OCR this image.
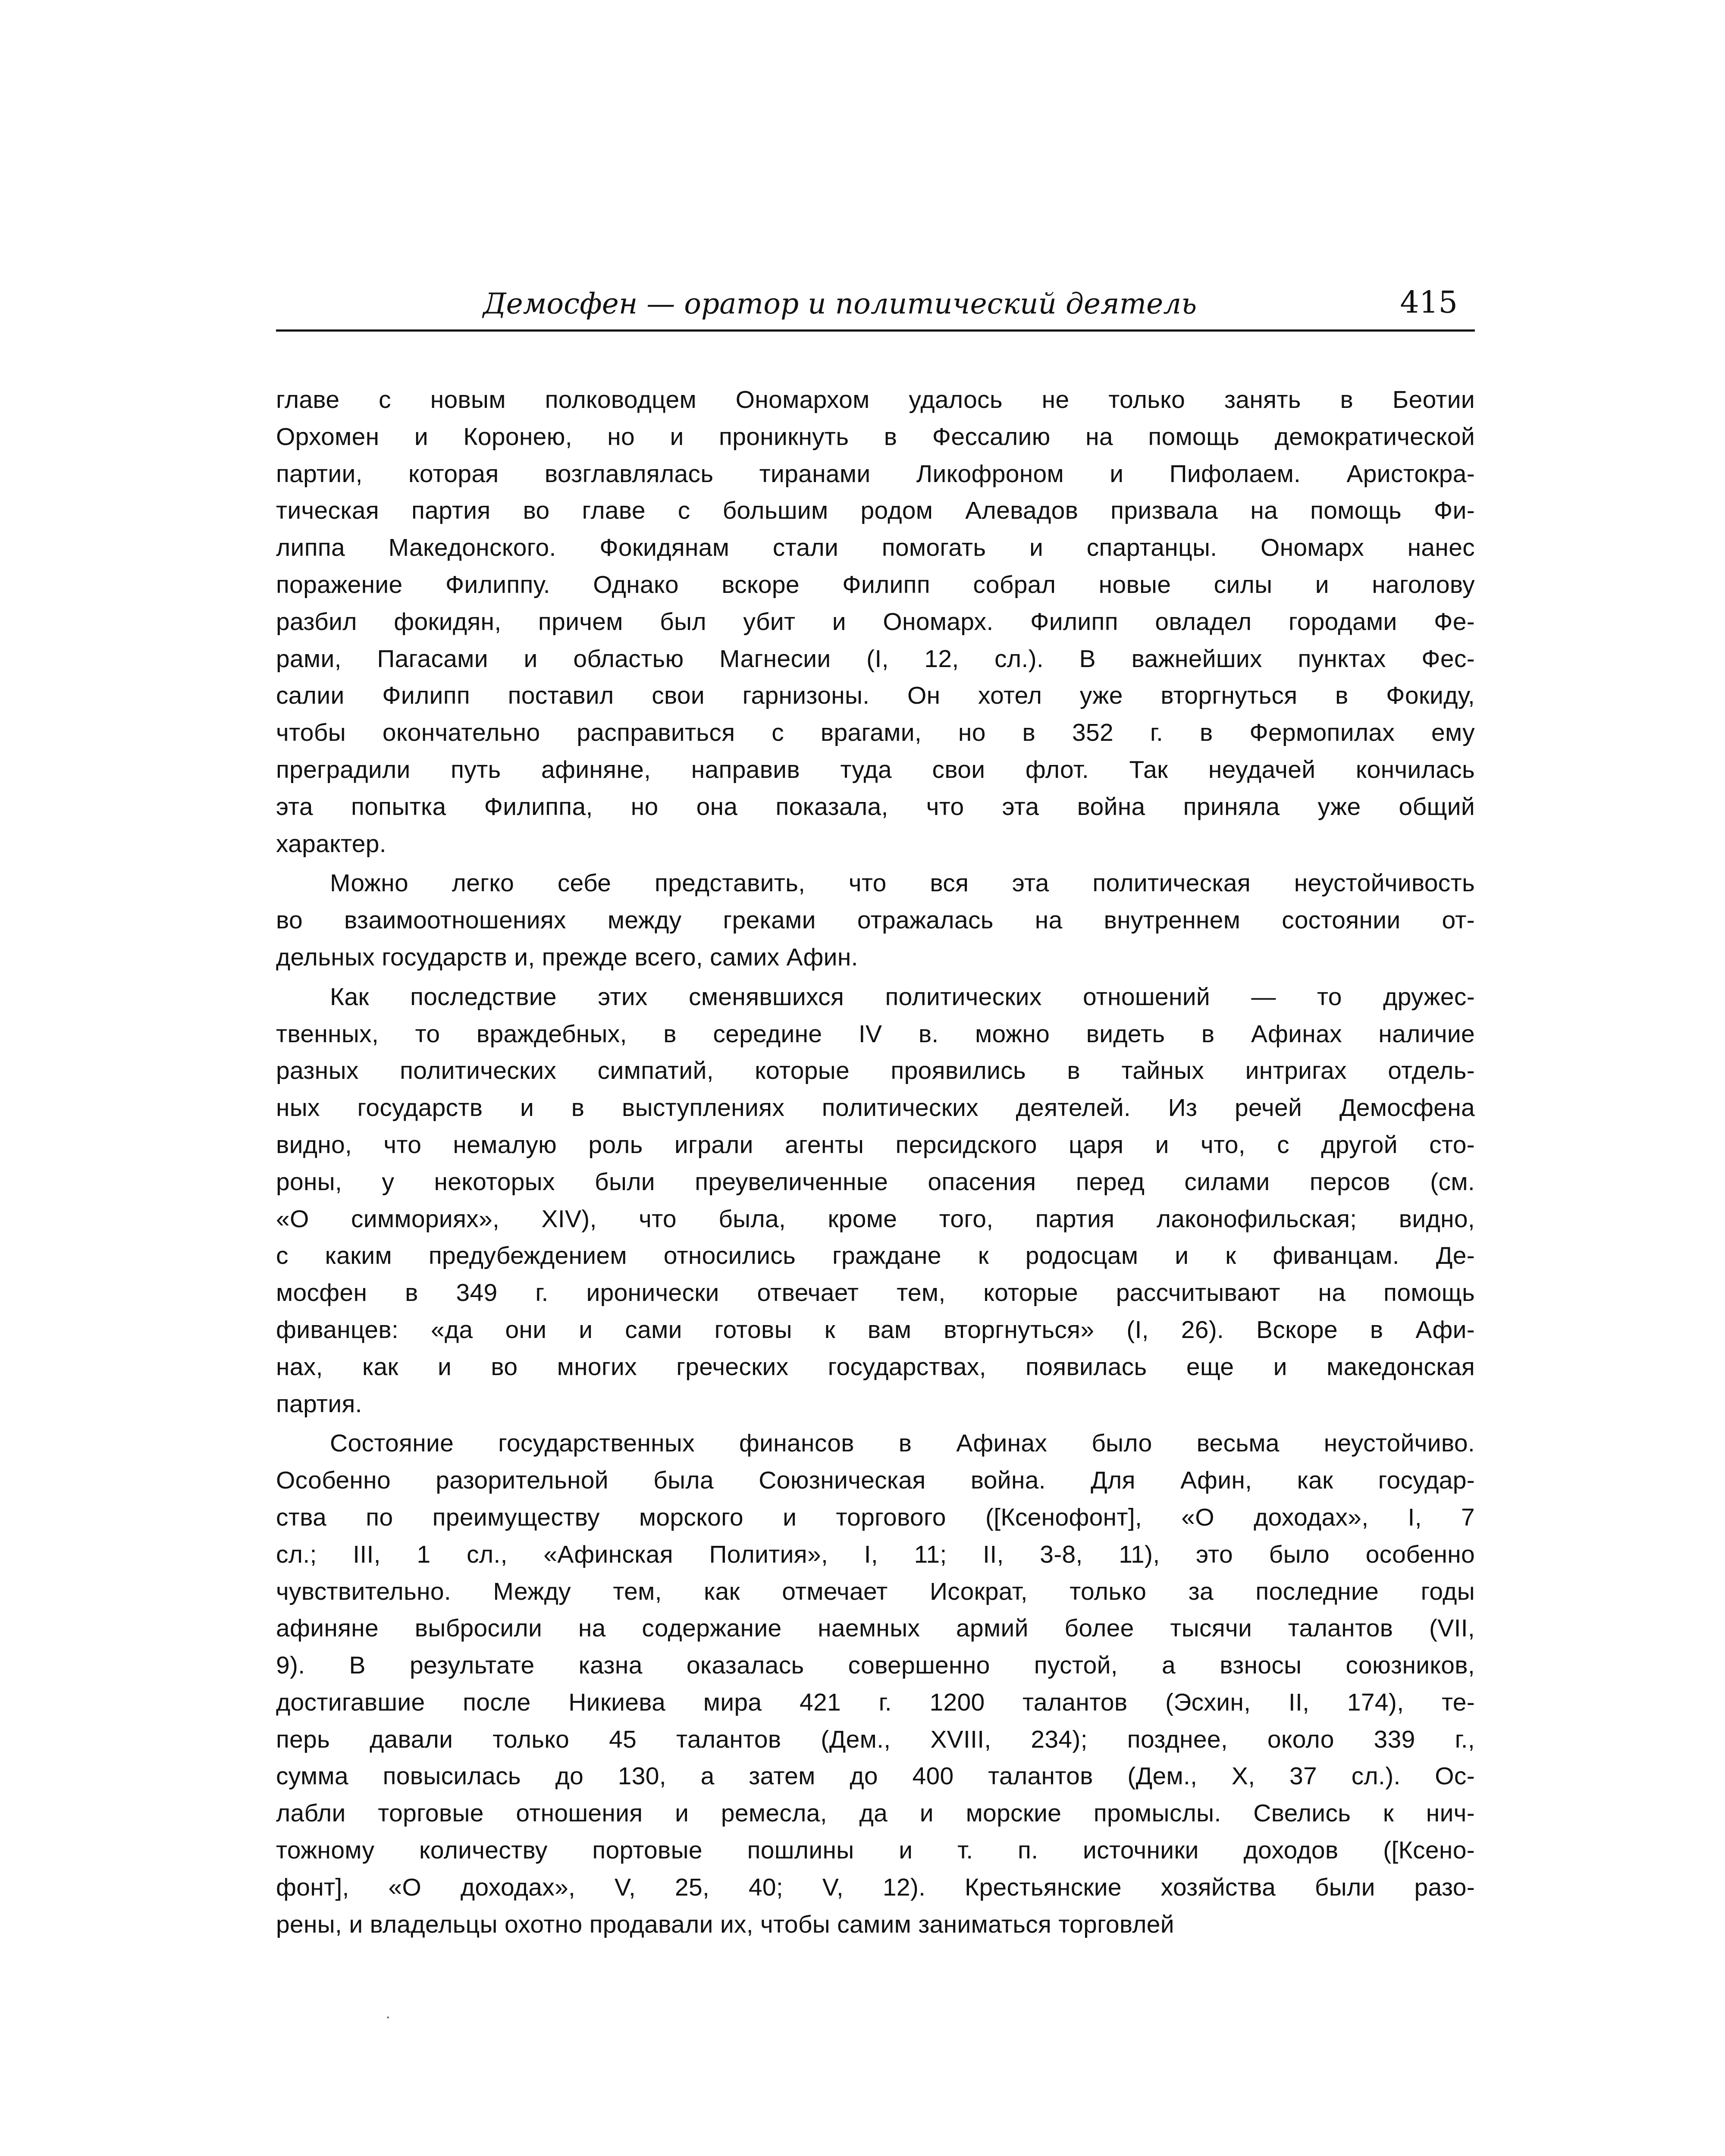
Демосфен — оратор и политический деятель	415
главе с новым полководцем Ономархом удалось не только занять в Беотии
Орхомен и Коронею, но и проникнуть в Фессалию на помощь демократической
партии, которая возглавлялась тиранами Ликофроном и Пифолаем. Аристокра-
тическая партия во главе с большим родом Алевадов призвала на помощь Фи-
липпа Македонского. Фокидянам стали помогать и спартанцы. Ономарх нанес
поражение Филиппу. Однако вскоре Филипп собрал новые силы и наголову
разбил фокидян, причем был убит и Ономарх. Филипп овладел городами Фе-
рами, Пагасами и областью Магнесии (I, 12, сл.). В важнейших пунктах Фес-
салии Филипп поставил свои гарнизоны. Он хотел уже вторгнуться в Фокиду,
чтобы окончательно расправиться с врагами, но в 352 г. в Фермопилах ему
преградили путь афиняне, направив туда свои флот. Так неудачей кончилась
эта попытка Филиппа, но она показала, что эта война приняла уже общий
характер.
Можно легко себе представить, что вся эта политическая неустойчивость
во взаимоотношениях между греками отражалась на внутреннем состоянии от-
дельных государств и, прежде всего, самих Афин.
Как последствие этих сменявшихся политических отношений — то дружес-
твенных, то враждебных, в середине IV в. можно видеть в Афинах наличие
разных политических симпатий, которые проявились в тайных интригах отдель-
ных государств и в выступлениях политических деятелей. Из речей Демосфена
видно, что немалую роль играли агенты персидского царя и что, с другой сто-
роны, у некоторых были преувеличенные опасения перед силами персов (см.
«О симмориях», XIV), что была, кроме того, партия лаконофильская; видно,
с каким предубеждением относились граждане к родосцам и к фиванцам. Де-
мосфен в 349 г. иронически отвечает тем, которые рассчитывают на помощь
фиванцев: «да они и сами готовы к вам вторгнуться» (I, 26). Вскоре в Афи-
нах, как и во многих греческих государствах, появилась еще и македонская
партия.
Состояние государственных финансов в Афинах было весьма неустойчиво.
Особенно разорительной была Союзническая война. Для Афин, как государ-
ства по преимуществу морского и торгового ([Ксенофонт], «О доходах», I, 7
сл.; III, 1 сл., «Афинская Полития», I, 11; II, 3-8, 11), это было особенно
чувствительно. Между тем, как отмечает Исократ, только за последние годы
афиняне выбросили на содержание наемных армий более тысячи талантов (VII,
9). В результате казна оказалась совершенно пустой, а взносы союзников,
достигавшие после Никиева мира 421 г. 1200 талантов (Эсхин, II, 174), те-
перь давали только 45 талантов (Дем., XVIII, 234); позднее, около 339 г.,
сумма повысилась до 130, а затем до 400 талантов (Дем., X, 37 сл.). Ос-
лабли торговые отношения и ремесла, да и морские промыслы. Свелись к нич-
тожному количеству портовые пошлины и т. п. источники доходов ([Ксено-
фонт], «О доходах», V, 25, 40; V, 12). Крестьянские хозяйства были разо-
рены, и владельцы охотно продавали их, чтобы самим заниматься торговлей
·
